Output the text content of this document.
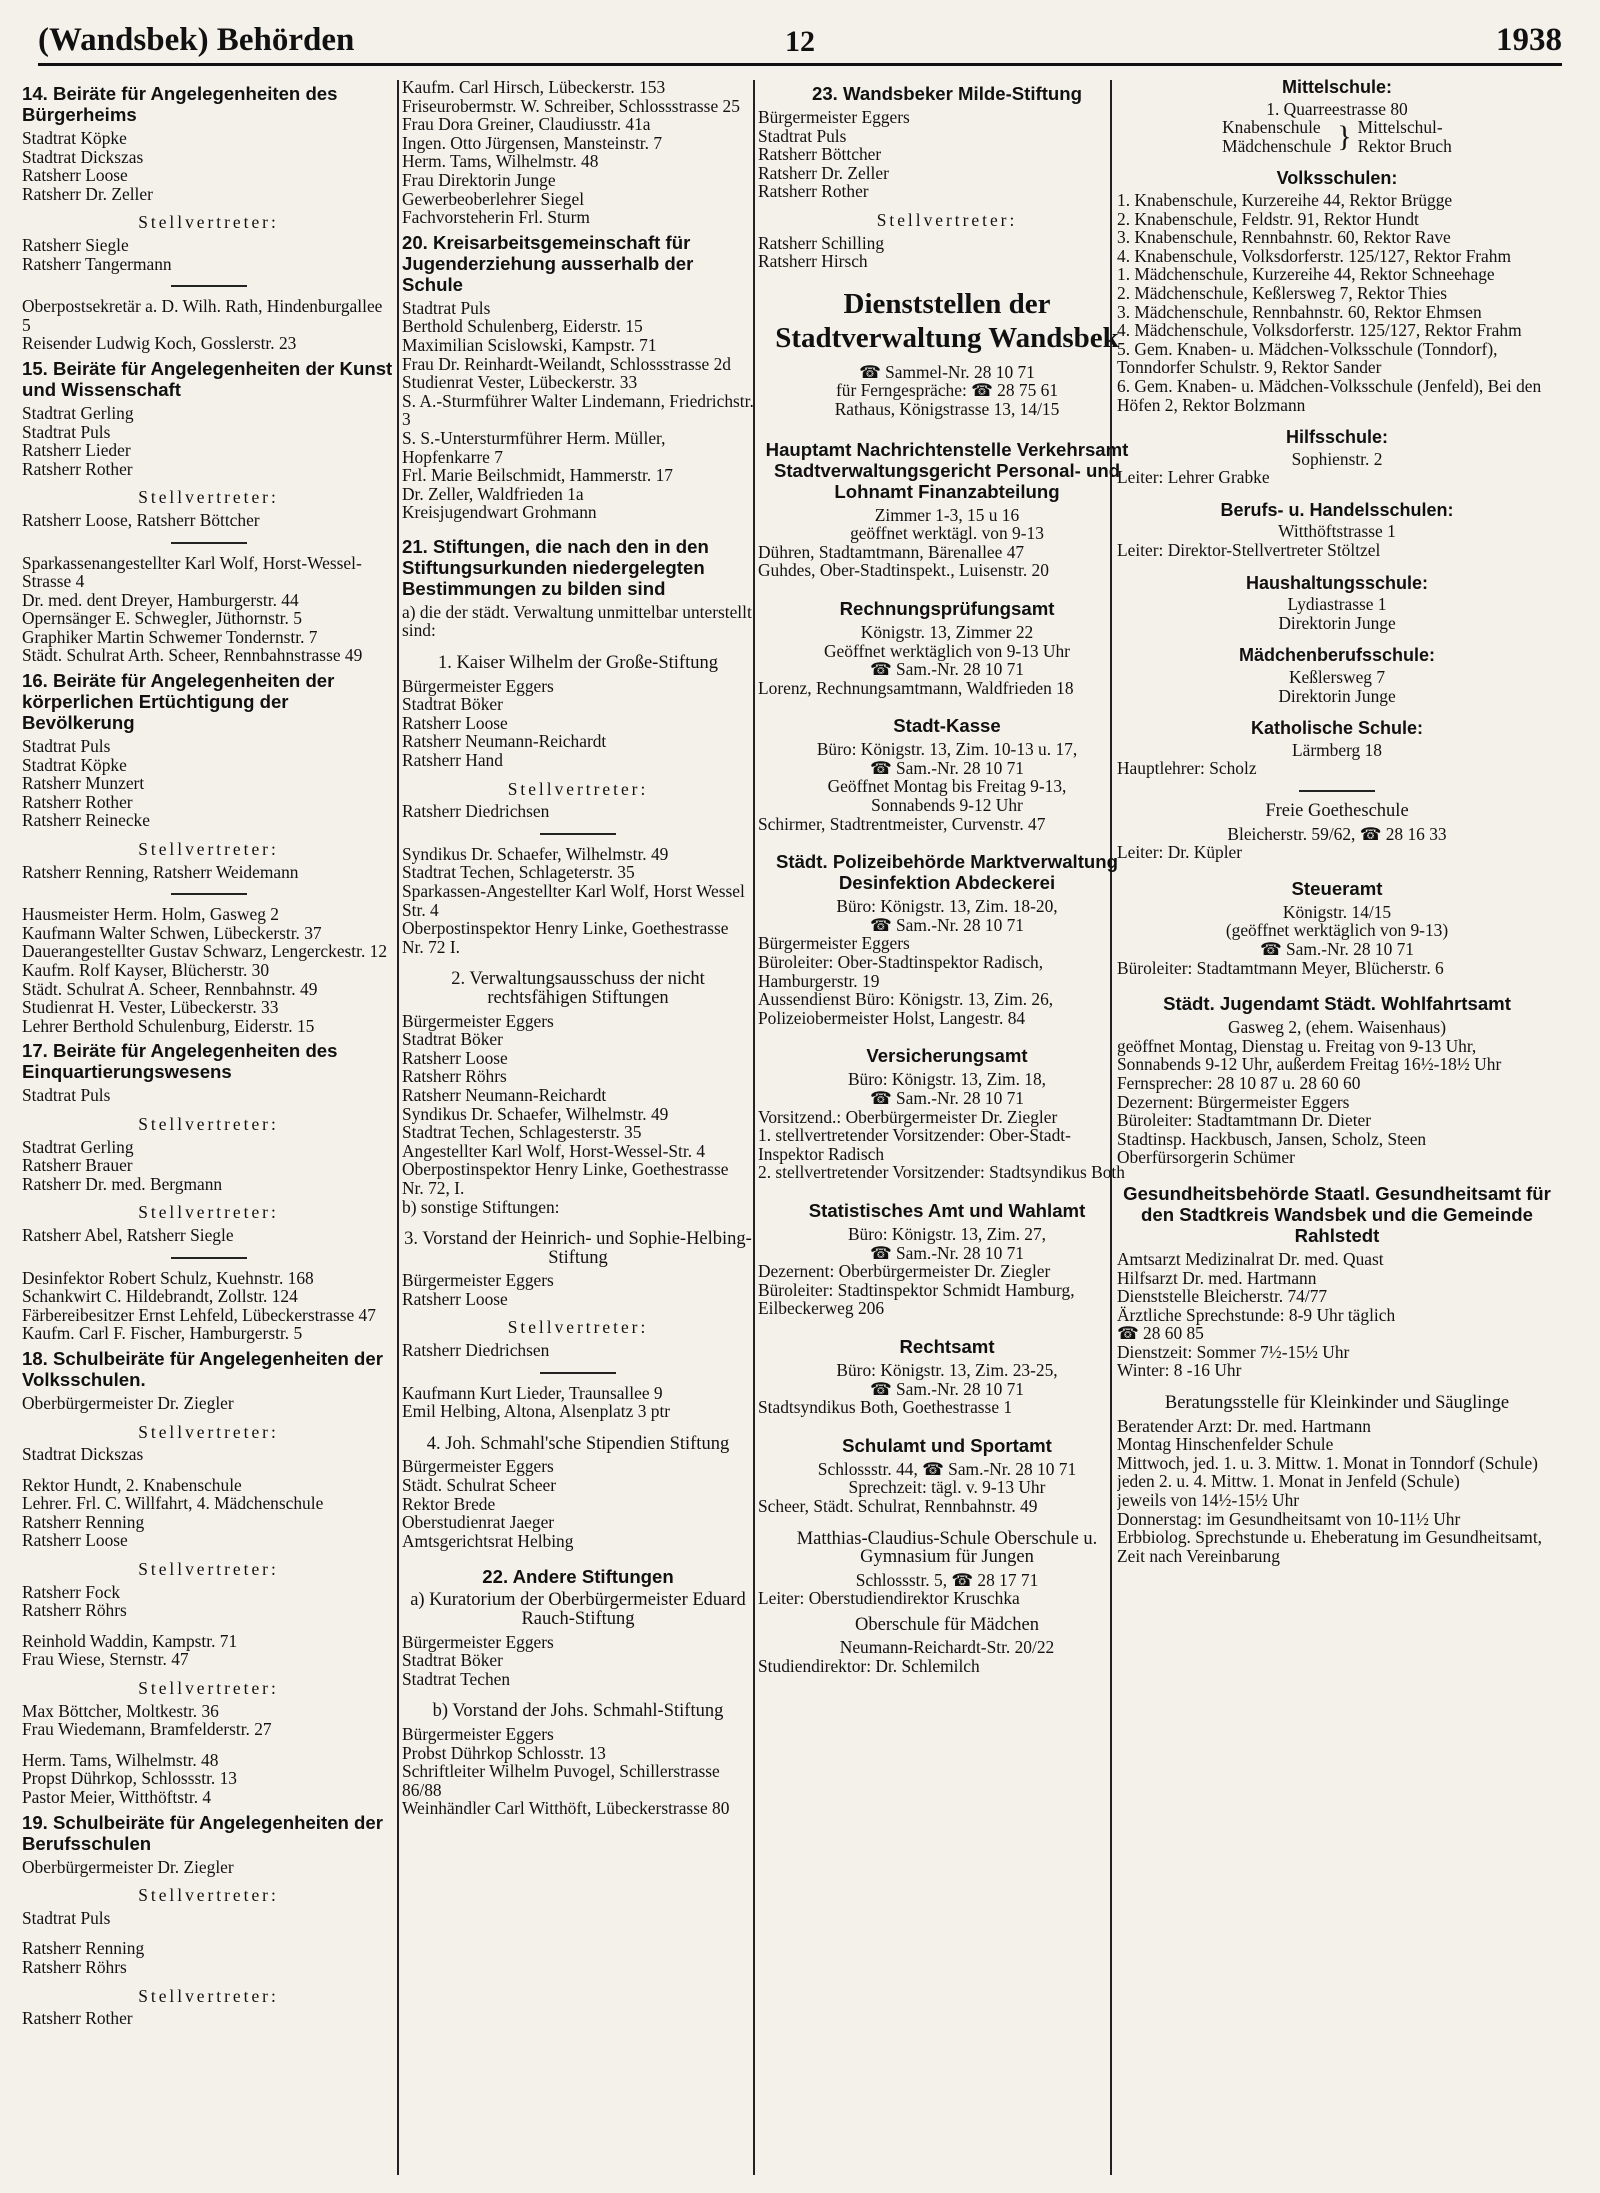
(Wandsbek) Behörden	12	1938
14. Beiräte für Angelegenheiten des Bürgerheims
Stadtrat Köpke
Stadtrat Dickszas
Ratsherr Loose
Ratsherr Dr. Zeller
Stellvertreter:
Ratsherr Siegle
Ratsherr Tangermann
Oberpostsekretär a. D. Wilh. Rath, Hindenburgallee 5
Reisender Ludwig Koch, Gosslerstr. 23
15. Beiräte für Angelegenheiten der Kunst und Wissenschaft
Stadtrat Gerling
Stadtrat Puls
Ratsherr Lieder
Ratsherr Rother
Stellvertreter:
Ratsherr Loose, Ratsherr Böttcher
Sparkassenangestellter Karl Wolf, Horst-Wessel-Strasse 4
Dr. med. dent Dreyer, Hamburgerstr. 44
Opernsänger E. Schwegler, Jüthornstr. 5
Graphiker Martin Schwemer Tondernstr. 7
Städt. Schulrat Arth. Scheer, Rennbahnstrasse 49
16. Beiräte für Angelegenheiten der körperlichen Ertüchtigung der Bevölkerung
Stadtrat Puls
Stadtrat Köpke
Ratsherr Munzert
Ratsherr Rother
Ratsherr Reinecke
Stellvertreter:
Ratsherr Renning, Ratsherr Weidemann
Hausmeister Herm. Holm, Gasweg 2
Kaufmann Walter Schwen, Lübeckerstr. 37
Dauerangestellter Gustav Schwarz, Lengerckestr. 12
Kaufm. Rolf Kayser, Blücherstr. 30
Städt. Schulrat A. Scheer, Rennbahnstr. 49
Studienrat H. Vester, Lübeckerstr. 33
Lehrer Berthold Schulenburg, Eiderstr. 15
17. Beiräte für Angelegenheiten des Einquartierungswesens
Stadtrat Puls
Stellvertreter:
Stadtrat Gerling
Ratsherr Brauer
Ratsherr Dr. med. Bergmann
Stellvertreter:
Ratsherr Abel, Ratsherr Siegle
Desinfektor Robert Schulz, Kuehnstr. 168
Schankwirt C. Hildebrandt, Zollstr. 124
Färbereibesitzer Ernst Lehfeld, Lübeckerstrasse 47
Kaufm. Carl F. Fischer, Hamburgerstr. 5
18. Schulbeiräte für Angelegenheiten der Volksschulen.
Oberbürgermeister Dr. Ziegler
Stellvertreter:
Stadtrat Dickszas
Rektor Hundt, 2. Knabenschule
Lehrer. Frl. C. Willfahrt, 4. Mädchenschule
Ratsherr Renning
Ratsherr Loose
Stellvertreter:
Ratsherr Fock
Ratsherr Röhrs
Reinhold Waddin, Kampstr. 71
Frau Wiese, Sternstr. 47
Stellvertreter:
Max Böttcher, Moltkestr. 36
Frau Wiedemann, Bramfelderstr. 27
Herm. Tams, Wilhelmstr. 48
Propst Dührkop, Schlossstr. 13
Pastor Meier, Witthöftstr. 4
19. Schulbeiräte für Angelegenheiten der Berufsschulen
Oberbürgermeister Dr. Ziegler
Stellvertreter:
Stadtrat Puls
Ratsherr Renning
Ratsherr Röhrs
Stellvertreter:
Ratsherr Rother
Kaufm. Carl Hirsch, Lübeckerstr. 153
Friseurobermstr. W. Schreiber, Schlossstrasse 25
Frau Dora Greiner, Claudiusstr. 41a
Ingen. Otto Jürgensen, Mansteinstr. 7
Herm. Tams, Wilhelmstr. 48
Frau Direktorin Junge
Gewerbeoberlehrer Siegel
Fachvorsteherin Frl. Sturm
20. Kreisarbeitsgemeinschaft für Jugenderziehung ausserhalb der Schule
Stadtrat Puls
Berthold Schulenberg, Eiderstr. 15
Maximilian Scislowski, Kampstr. 71
Frau Dr. Reinhardt-Weilandt, Schlossstrasse 2d
Studienrat Vester, Lübeckerstr. 33
S. A.-Sturmführer Walter Lindemann, Friedrichstr. 3
S. S.-Untersturmführer Herm. Müller, Hopfenkarre 7
Frl. Marie Beilschmidt, Hammerstr. 17
Dr. Zeller, Waldfrieden 1a
Kreisjugendwart Grohmann
21. Stiftungen, die nach den in den Stiftungsurkunden niedergelegten Bestimmungen zu bilden sind
a) die der städt. Verwaltung unmittelbar unterstellt sind:
1. Kaiser Wilhelm der Große-Stiftung
Bürgermeister Eggers
Stadtrat Böker
Ratsherr Loose
Ratsherr Neumann-Reichardt
Ratsherr Hand
Stellvertreter:
Ratsherr Diedrichsen
Syndikus Dr. Schaefer, Wilhelmstr. 49
Stadtrat Techen, Schlageterstr. 35
Sparkassen-Angestellter Karl Wolf, Horst Wessel Str. 4
Oberpostinspektor Henry Linke, Goethestrasse Nr. 72 I.
2. Verwaltungsausschuss der nicht rechtsfähigen Stiftungen
Bürgermeister Eggers
Stadtrat Böker
Ratsherr Loose
Ratsherr Röhrs
Ratsherr Neumann-Reichardt
Syndikus Dr. Schaefer, Wilhelmstr. 49
Stadtrat Techen, Schlagesterstr. 35
Angestellter Karl Wolf, Horst-Wessel-Str. 4
Oberpostinspektor Henry Linke, Goethestrasse Nr. 72, I.
b) sonstige Stiftungen:
3. Vorstand der Heinrich- und Sophie-Helbing-Stiftung
Bürgermeister Eggers
Ratsherr Loose
Stellvertreter:
Ratsherr Diedrichsen
Kaufmann Kurt Lieder, Traunsallee 9
Emil Helbing, Altona, Alsenplatz 3 ptr
4. Joh. Schmahl'sche Stipendien Stiftung
Bürgermeister Eggers
Städt. Schulrat Scheer
Rektor Brede
Oberstudienrat Jaeger
Amtsgerichtsrat Helbing
22. Andere Stiftungen
a) Kuratorium der Oberbürgermeister Eduard Rauch-Stiftung
Bürgermeister Eggers
Stadtrat Böker
Stadtrat Techen
b) Vorstand der Johs. Schmahl-Stiftung
Bürgermeister Eggers
Probst Dührkop Schlosstr. 13
Schriftleiter Wilhelm Puvogel, Schillerstrasse 86/88
Weinhändler Carl Witthöft, Lübeckerstrasse 80
23. Wandsbeker Milde-Stiftung
Bürgermeister Eggers
Stadtrat Puls
Ratsherr Böttcher
Ratsherr Dr. Zeller
Ratsherr Rother
Stellvertreter:
Ratsherr Schilling
Ratsherr Hirsch
Dienststellen der Stadtverwaltung Wandsbek
☎ Sammel-Nr. 28 10 71
für Ferngespräche: ☎ 28 75 61
Rathaus, Königstrasse 13, 14/15
Hauptamt Nachrichtenstelle Verkehrsamt Stadtverwaltungsgericht Personal- und Lohnamt Finanzabteilung
Zimmer 1-3, 15 u 16
geöffnet werktägl. von 9-13
Dühren, Stadtamtmann, Bärenallee 47
Guhdes, Ober-Stadtinspekt., Luisenstr. 20
Rechnungsprüfungsamt
Königstr. 13, Zimmer 22
Geöffnet werktäglich von 9-13 Uhr
☎ Sam.-Nr. 28 10 71
Lorenz, Rechnungsamtmann, Waldfrieden 18
Stadt-Kasse
Büro: Königstr. 13, Zim. 10-13 u. 17,
☎ Sam.-Nr. 28 10 71
Geöffnet Montag bis Freitag 9-13,
Sonnabends 9-12 Uhr
Schirmer, Stadtrentmeister, Curvenstr. 47
Städt. Polizeibehörde Marktverwaltung Desinfektion Abdeckerei
Büro: Königstr. 13, Zim. 18-20,
☎ Sam.-Nr. 28 10 71
Bürgermeister Eggers
Büroleiter: Ober-Stadtinspektor Radisch, Hamburgerstr. 19
Aussendienst Büro: Königstr. 13, Zim. 26, Polizeiobermeister Holst, Langestr. 84
Versicherungsamt
Büro: Königstr. 13, Zim. 18,
☎ Sam.-Nr. 28 10 71
Vorsitzend.: Oberbürgermeister Dr. Ziegler
1. stellvertretender Vorsitzender: Ober-Stadt-Inspektor Radisch
2. stellvertretender Vorsitzender: Stadtsyndikus Both
Statistisches Amt und Wahlamt
Büro: Königstr. 13, Zim. 27,
☎ Sam.-Nr. 28 10 71
Dezernent: Oberbürgermeister Dr. Ziegler
Büroleiter: Stadtinspektor Schmidt Hamburg, Eilbeckerweg 206
Rechtsamt
Büro: Königstr. 13, Zim. 23-25,
☎ Sam.-Nr. 28 10 71
Stadtsyndikus Both, Goethestrasse 1
Schulamt und Sportamt
Schlossstr. 44, ☎ Sam.-Nr. 28 10 71
Sprechzeit: tägl. v. 9-13 Uhr
Scheer, Städt. Schulrat, Rennbahnstr. 49
Matthias-Claudius-Schule Oberschule u. Gymnasium für Jungen
Schlossstr. 5, ☎ 28 17 71
Leiter: Oberstudiendirektor Kruschka
Oberschule für Mädchen
Neumann-Reichardt-Str. 20/22
Studiendirektor: Dr. Schlemilch
Mittelschule:
1. Quarreestrasse 80
Knabenschule
Mädchenschule } Mittelschul-
Rektor Bruch
Volksschulen:
1. Knabenschule, Kurzereihe 44, Rektor Brügge
2. Knabenschule, Feldstr. 91, Rektor Hundt
3. Knabenschule, Rennbahnstr. 60, Rektor Rave
4. Knabenschule, Volksdorferstr. 125/127, Rektor Frahm
1. Mädchenschule, Kurzereihe 44, Rektor Schneehage
2. Mädchenschule, Keßlersweg 7, Rektor Thies
3. Mädchenschule, Rennbahnstr. 60, Rektor Ehmsen
4. Mädchenschule, Volksdorferstr. 125/127, Rektor Frahm
5. Gem. Knaben- u. Mädchen-Volksschule (Tonndorf), Tonndorfer Schulstr. 9, Rektor Sander
6. Gem. Knaben- u. Mädchen-Volksschule (Jenfeld), Bei den Höfen 2, Rektor Bolzmann
Hilfsschule:
Sophienstr. 2
Leiter: Lehrer Grabke
Berufs- u. Handelsschulen:
Witthöftstrasse 1
Leiter: Direktor-Stellvertreter Stöltzel
Haushaltungsschule:
Lydiastrasse 1
Direktorin Junge
Mädchenberufsschule:
Keßlersweg 7
Direktorin Junge
Katholische Schule:
Lärmberg 18
Hauptlehrer: Scholz
Freie Goetheschule
Bleicherstr. 59/62, ☎ 28 16 33
Leiter: Dr. Küpler
Steueramt
Königstr. 14/15
(geöffnet werktäglich von 9-13)
☎ Sam.-Nr. 28 10 71
Büroleiter: Stadtamtmann Meyer, Blücherstr. 6
Städt. Jugendamt Städt. Wohlfahrtsamt
Gasweg 2, (ehem. Waisenhaus)
geöffnet Montag, Dienstag u. Freitag von 9-13 Uhr, Sonnabends 9-12 Uhr, außerdem Freitag 16½-18½ Uhr
Fernsprecher: 28 10 87 u. 28 60 60
Dezernent: Bürgermeister Eggers
Büroleiter: Stadtamtmann Dr. Dieter
Stadtinsp. Hackbusch, Jansen, Scholz, Steen
Oberfürsorgerin Schümer
Gesundheitsbehörde Staatl. Gesundheitsamt für den Stadtkreis Wandsbek und die Gemeinde Rahlstedt
Amtsarzt Medizinalrat Dr. med. Quast
Hilfsarzt Dr. med. Hartmann
Dienststelle Bleicherstr. 74/77
Ärztliche Sprechstunde: 8-9 Uhr täglich
☎ 28 60 85
Dienstzeit: Sommer 7½-15½ Uhr
Winter: 8 -16 Uhr
Beratungsstelle für Kleinkinder und Säuglinge
Beratender Arzt: Dr. med. Hartmann
Montag Hinschenfelder Schule
Mittwoch, jed. 1. u. 3. Mittw. 1. Monat in Tonndorf (Schule)
jeden 2. u. 4. Mittw. 1. Monat in Jenfeld (Schule)
jeweils von 14½-15½ Uhr
Donnerstag: im Gesundheitsamt von 10-11½ Uhr
Erbbiolog. Sprechstunde u. Eheberatung im Gesundheitsamt, Zeit nach Vereinbarung
